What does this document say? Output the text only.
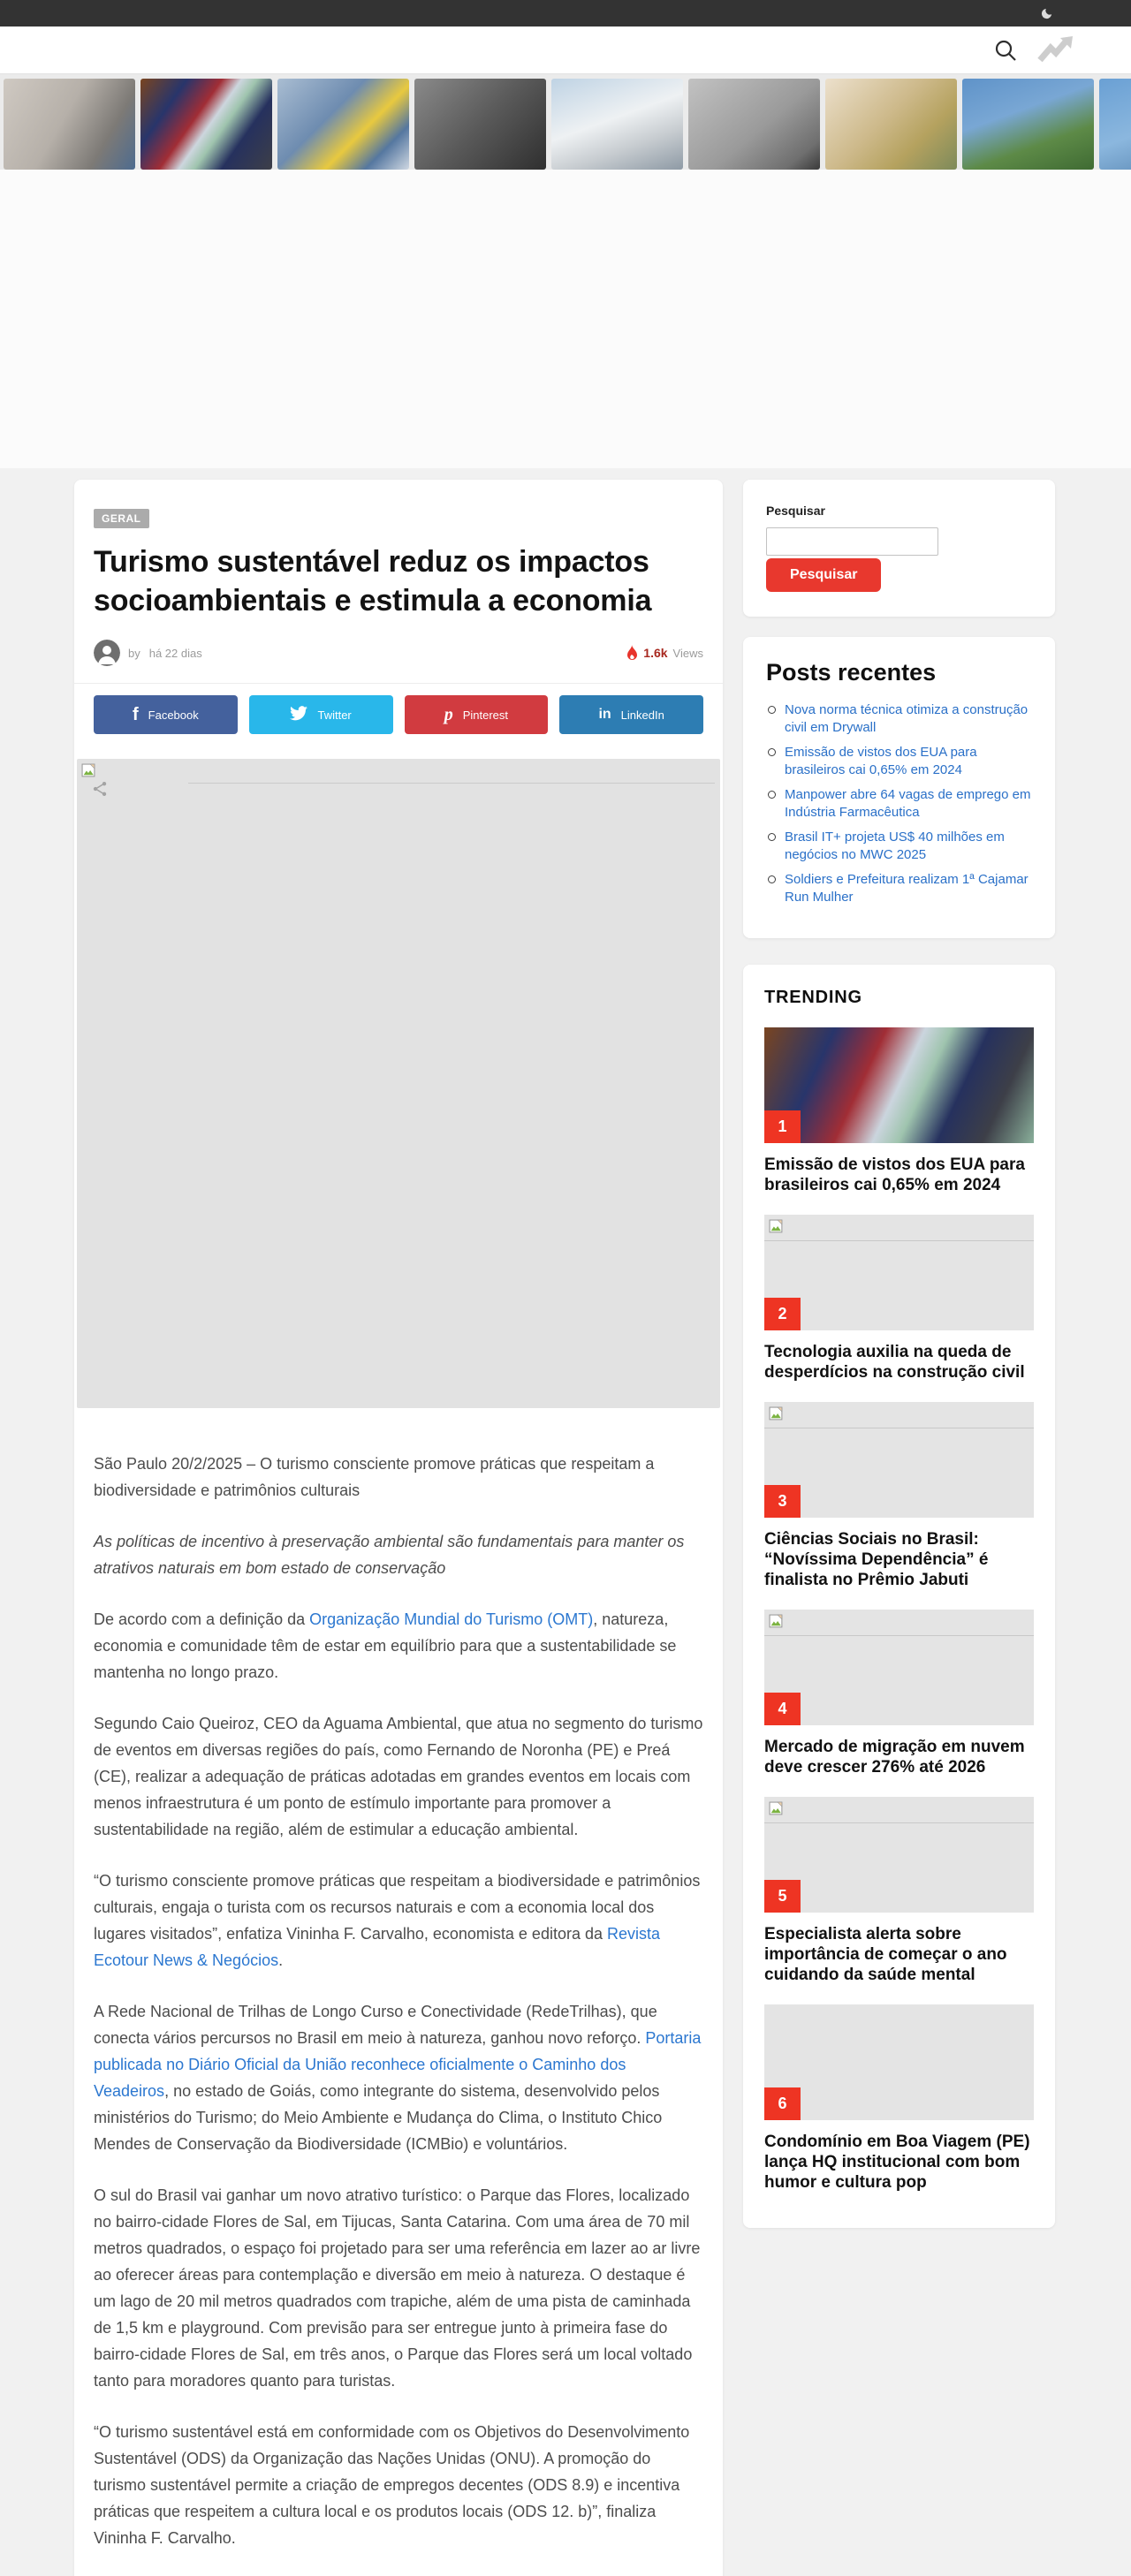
GERAL
Turismo sustentável reduz os impactos socioambientais e estimula a economia
by há 22 dias	1.6k Views
f Facebook	Twitter	p Pinterest	in LinkedIn

São Paulo 20/2/2025 – O turismo consciente promove práticas que respeitam a biodiversidade e patrimônios culturais

As políticas de incentivo à preservação ambiental são fundamentais para manter os atrativos naturais em bom estado de conservação

De acordo com a definição da Organização Mundial do Turismo (OMT), natureza, economia e comunidade têm de estar em equilíbrio para que a sustentabilidade se mantenha no longo prazo.

Segundo Caio Queiroz, CEO da Aguama Ambiental, que atua no segmento do turismo de eventos em diversas regiões do país, como Fernando de Noronha (PE) e Preá (CE), realizar a adequação de práticas adotadas em grandes eventos em locais com menos infraestrutura é um ponto de estímulo importante para promover a sustentabilidade na região, além de estimular a educação ambiental.

“O turismo consciente promove práticas que respeitam a biodiversidade e patrimônios culturais, engaja o turista com os recursos naturais e com a economia local dos lugares visitados”, enfatiza Vininha F. Carvalho, economista e editora da Revista Ecotour News & Negócios.

A Rede Nacional de Trilhas de Longo Curso e Conectividade (RedeTrilhas), que conecta vários percursos no Brasil em meio à natureza, ganhou novo reforço. Portaria publicada no Diário Oficial da União reconhece oficialmente o Caminho dos Veadeiros, no estado de Goiás, como integrante do sistema, desenvolvido pelos ministérios do Turismo; do Meio Ambiente e Mudança do Clima, o Instituto Chico Mendes de Conservação da Biodiversidade (ICMBio) e voluntários.

O sul do Brasil vai ganhar um novo atrativo turístico: o Parque das Flores, localizado no bairro-cidade Flores de Sal, em Tijucas, Santa Catarina. Com uma área de 70 mil metros quadrados, o espaço foi projetado para ser uma referência em lazer ao ar livre ao oferecer áreas para contemplação e diversão em meio à natureza. O destaque é um lago de 20 mil metros quadrados com trapiche, além de uma pista de caminhada de 1,5 km e playground. Com previsão para ser entregue junto à primeira fase do bairro-cidade Flores de Sal, em três anos, o Parque das Flores será um local voltado tanto para moradores quanto para turistas.

“O turismo sustentável está em conformidade com os Objetivos do Desenvolvimento Sustentável (ODS) da Organização das Nações Unidas (ONU). A promoção do turismo sustentável permite a criação de empregos decentes (ODS 8.9) e incentiva práticas que respeitem a cultura local e os produtos locais (ODS 12. b)”, finaliza Vininha F. Carvalho.

Pesquisar
Pesquisar
Posts recentes
Nova norma técnica otimiza a construção civil em Drywall
Emissão de vistos dos EUA para brasileiros cai 0,65% em 2024
Manpower abre 64 vagas de emprego em Indústria Farmacêutica
Brasil IT+ projeta US$ 40 milhões em negócios no MWC 2025
Soldiers e Prefeitura realizam 1ª Cajamar Run Mulher
TRENDING
1
Emissão de vistos dos EUA para brasileiros cai 0,65% em 2024
2
Tecnologia auxilia na queda de desperdícios na construção civil
3
Ciências Sociais no Brasil: “Novíssima Dependência” é finalista no Prêmio Jabuti
4
Mercado de migração em nuvem deve crescer 276% até 2026
5
Especialista alerta sobre importância de começar o ano cuidando da saúde mental
6
Condomínio em Boa Viagem (PE) lança HQ institucional com bom humor e cultura pop
